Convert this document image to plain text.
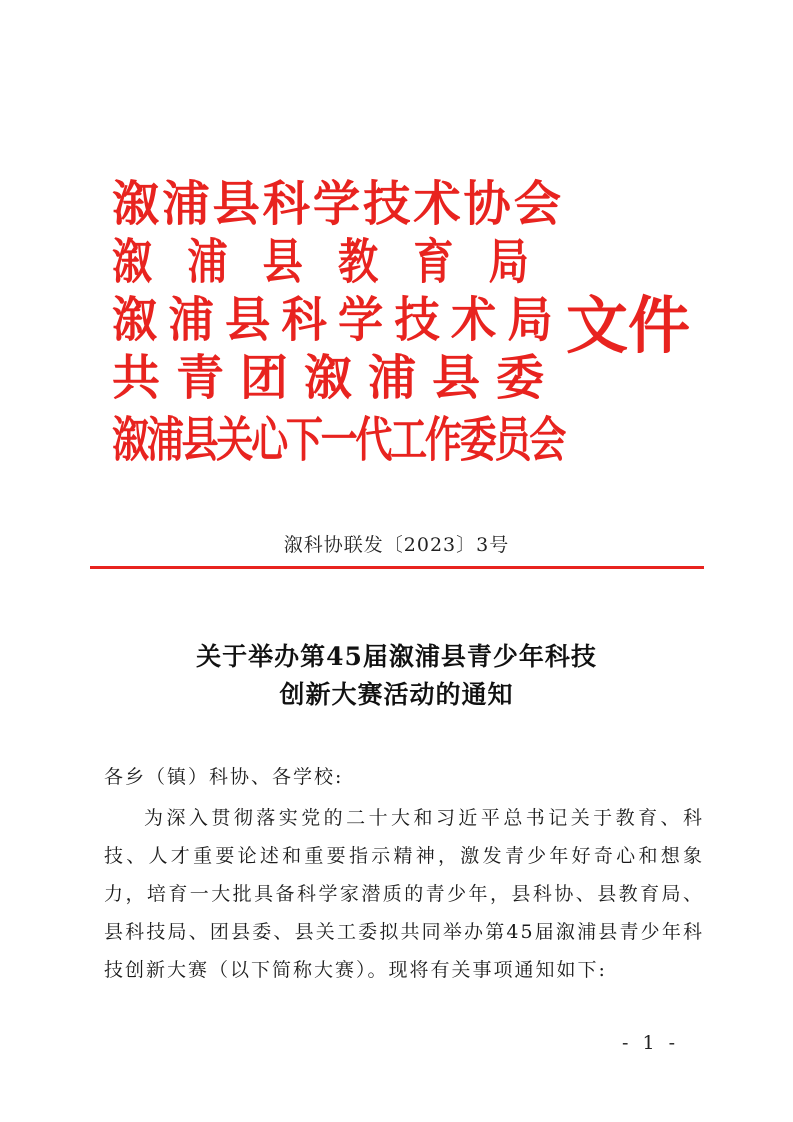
溆浦县科学技术协会

溆浦县教育局

溆浦县科学技术局

共青团溆浦县委

溆浦县关心下一代工作委员会

文件

溆科协联发〔2023〕3号
关于举办第45届溆浦县青少年科技
创新大赛活动的通知

各乡（镇）科协、各学校:

为深入贯彻落实党的二十大和习近平总书记关于教育、科技、人才重要论述和重要指示精神，激发青少年好奇心和想象力，培育一大批具备科学家潜质的青少年，县科协、县教育局、县科技局、团县委、县关工委拟共同举办第45届溆浦县青少年科技创新大赛（以下简称大赛）。现将有关事项通知如下:

- 1 -
